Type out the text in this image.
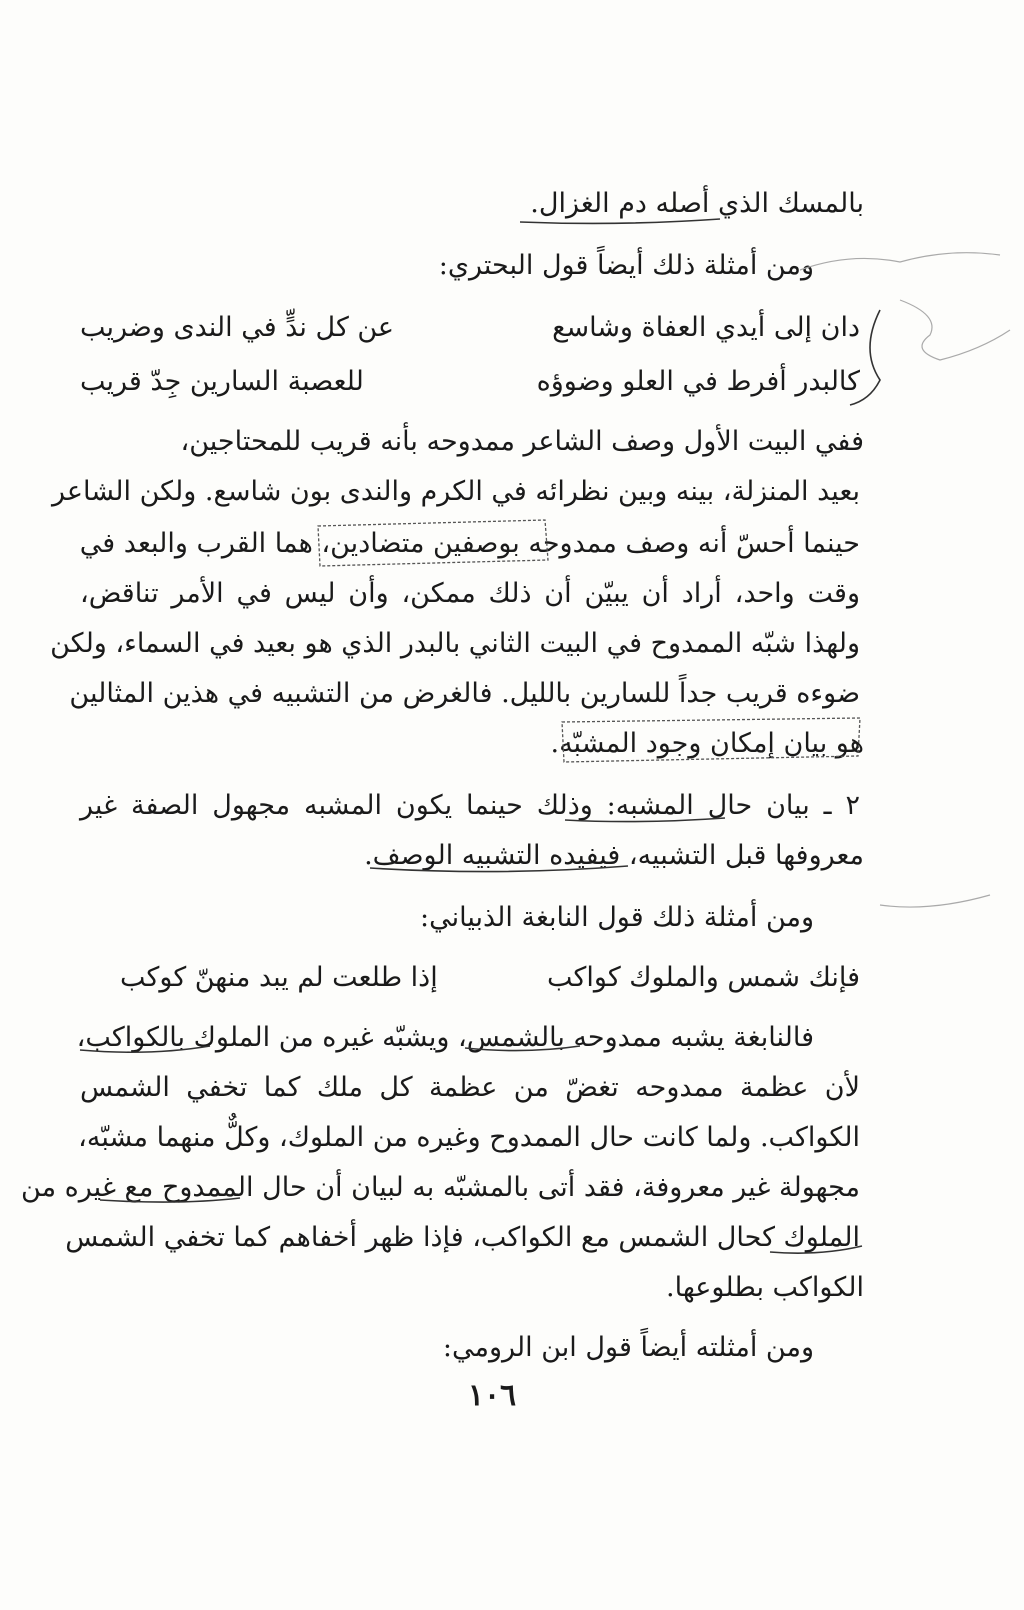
بالمسك الذي أصله دم الغزال.
ومن أمثلة ذلك أيضاً قول البحتري:
دان إلى أيدي العفاة وشاسع
عن كل ندٍّ في الندى وضريب
كالبدر أفرط في العلو وضوؤه
للعصبة السارين جِدّ قريب
ففي البيت الأول وصف الشاعر ممدوحه بأنه قريب للمحتاجين،
بعيد المنزلة، بينه وبين نظرائه في الكرم والندى بون شاسع. ولكن الشاعر
حينما أحسّ أنه وصف ممدوحه بوصفين متضادين، هما القرب والبعد في
وقت واحد، أراد أن يبيّن أن ذلك ممكن، وأن ليس في الأمر تناقض،
ولهذا شبّه الممدوح في البيت الثاني بالبدر الذي هو بعيد في السماء، ولكن
ضوءه قريب جداً للسارين بالليل. فالغرض من التشبيه في هذين المثالين
هو بيان إمكان وجود المشبّه.
٢ ـ بيان حال المشبه: وذلك حينما يكون المشبه مجهول الصفة غير
معروفها قبل التشبيه، فيفيده التشبيه الوصف.
ومن أمثلة ذلك قول النابغة الذبياني:
فإنك شمس والملوك كواكب
إذا طلعت لم يبد منهنّ كوكب
فالنابغة يشبه ممدوحه بالشمس، ويشبّه غيره من الملوك بالكواكب،
لأن عظمة ممدوحه تغضّ من عظمة كل ملك كما تخفي الشمس
الكواكب. ولما كانت حال الممدوح وغيره من الملوك، وكلٌّ منهما مشبّه،
مجهولة غير معروفة، فقد أتى بالمشبّه به لبيان أن حال الممدوح مع غيره من
الملوك كحال الشمس مع الكواكب، فإذا ظهر أخفاهم كما تخفي الشمس
الكواكب بطلوعها.
ومن أمثلته أيضاً قول ابن الرومي:
١٠٦
